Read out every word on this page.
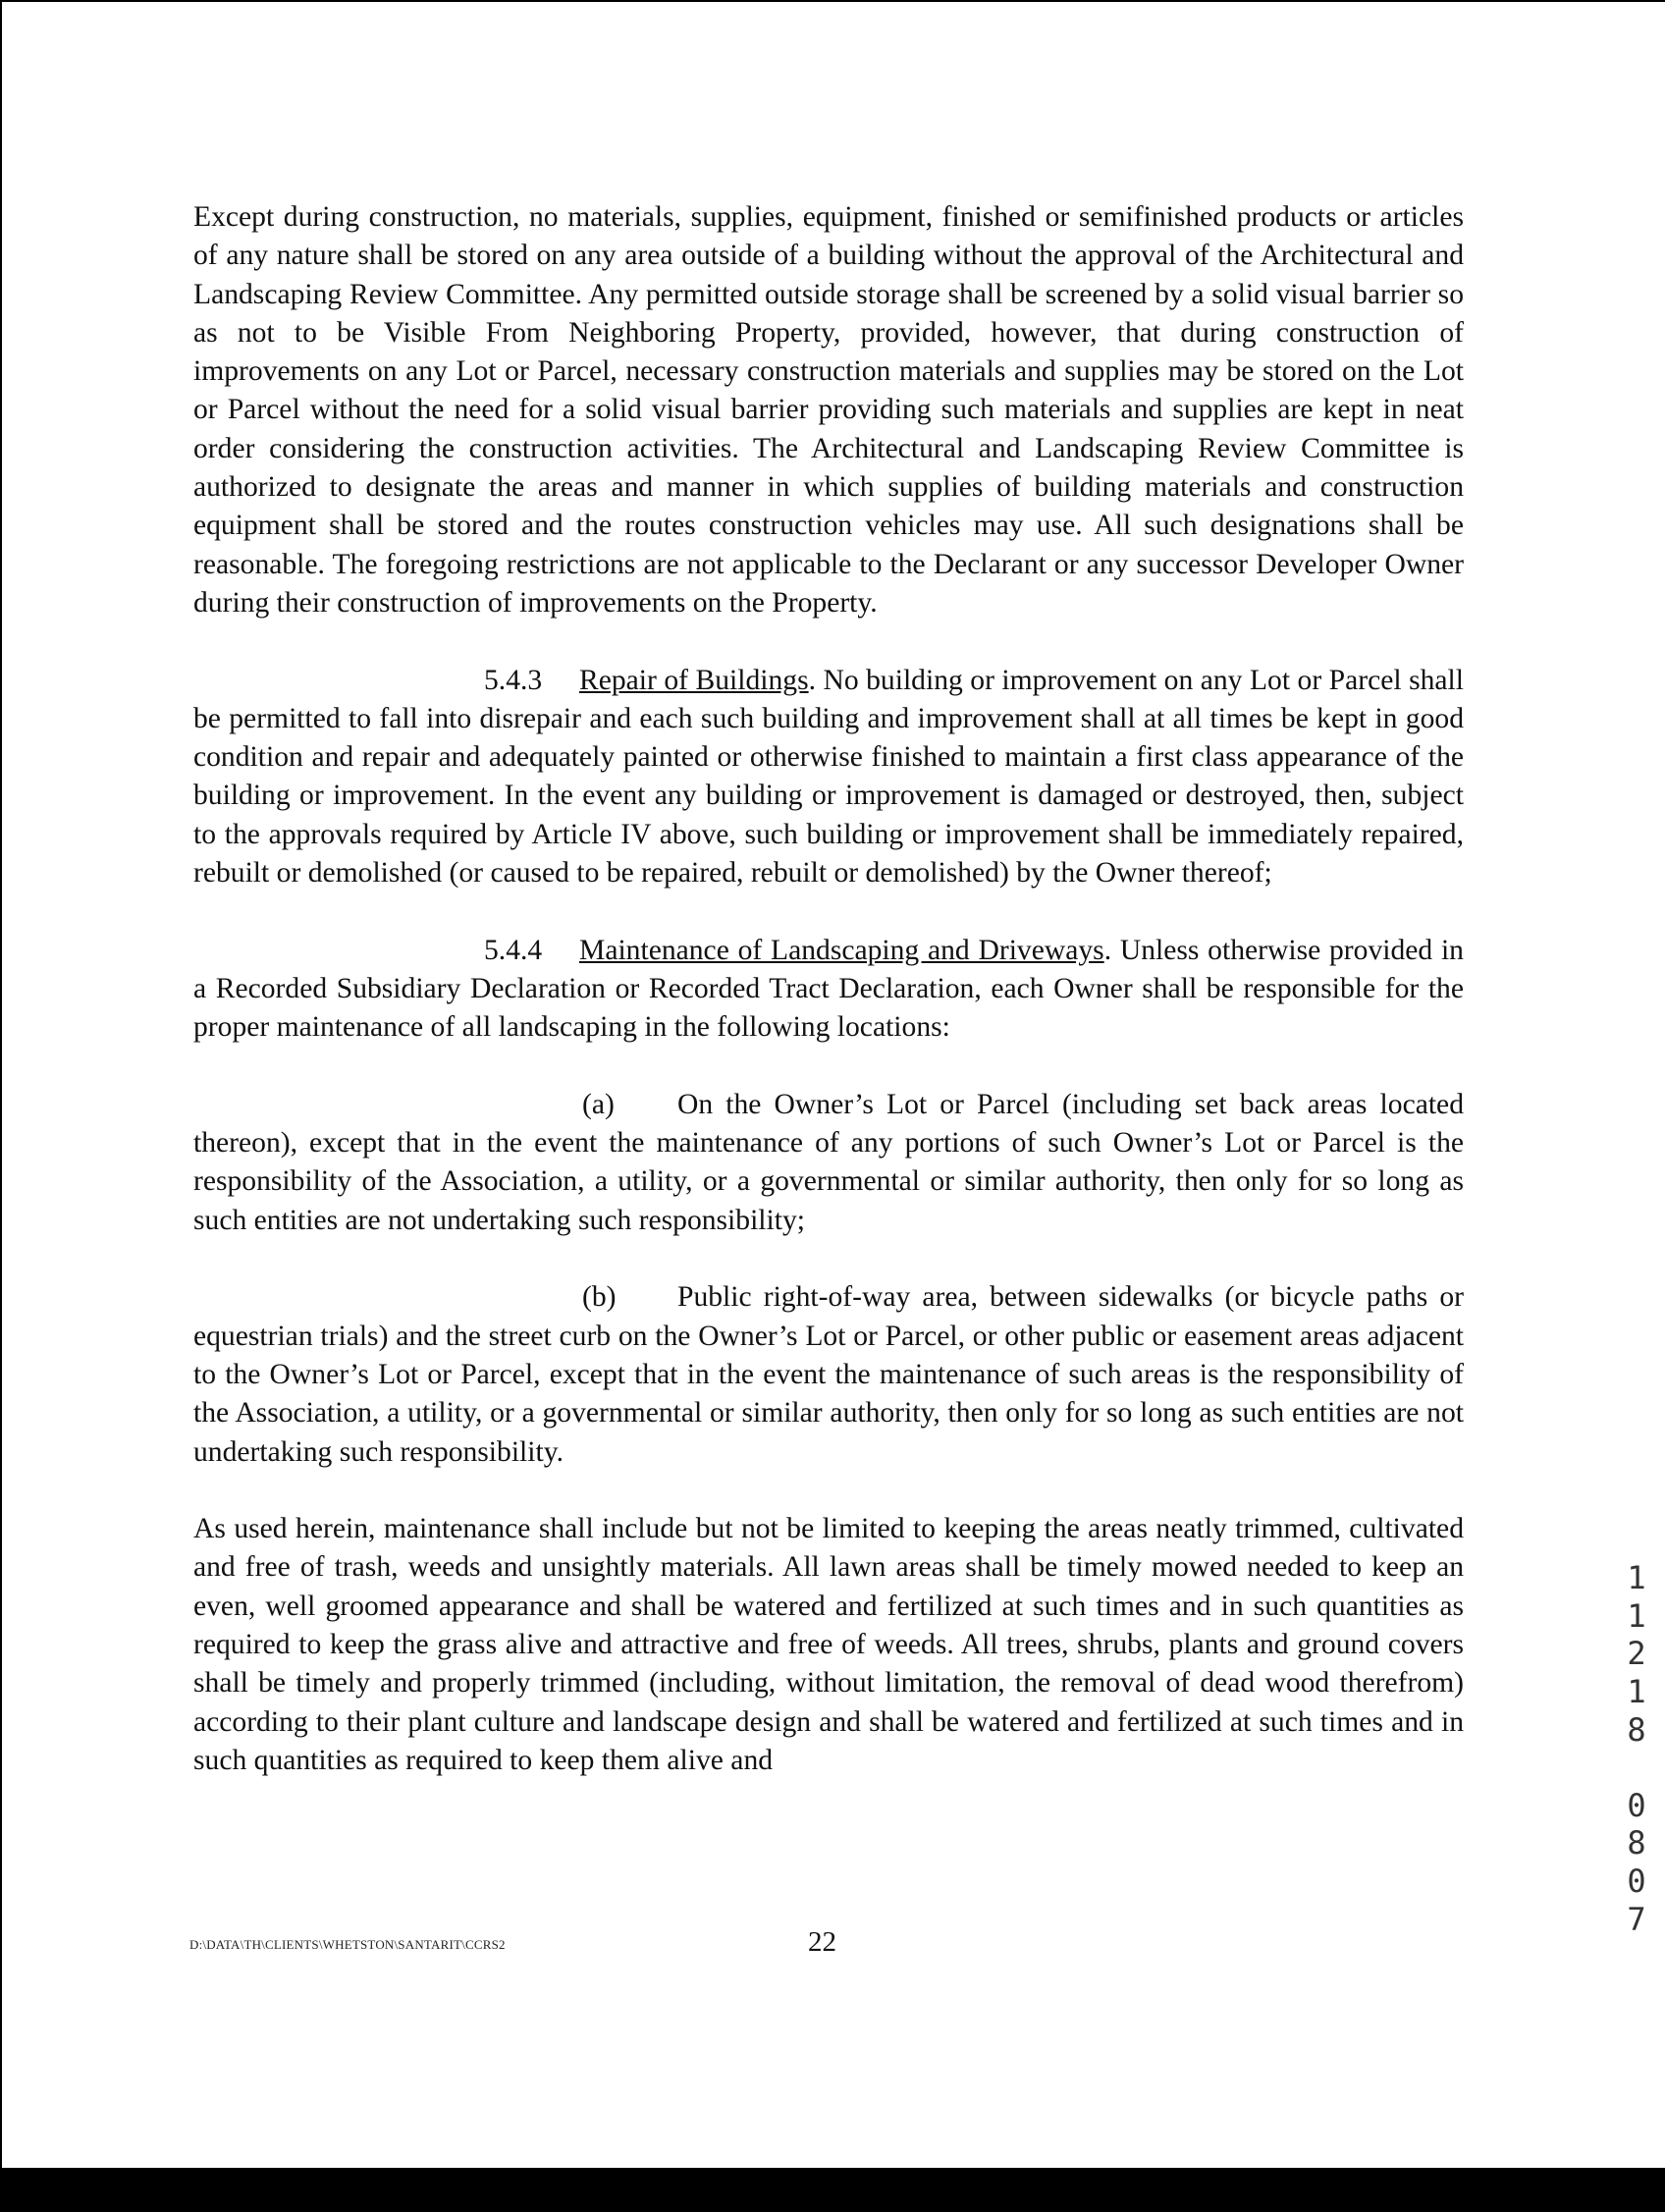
Except during construction, no materials, supplies, equipment, finished or semifinished products or articles of any nature shall be stored on any area outside of a building without the approval of the Architectural and Landscaping Review Committee. Any permitted outside storage shall be screened by a solid visual barrier so as not to be Visible From Neighboring Property, provided, however, that during construction of improvements on any Lot or Parcel, necessary construction materials and supplies may be stored on the Lot or Parcel without the need for a solid visual barrier providing such materials and supplies are kept in neat order considering the construction activities. The Architectural and Landscaping Review Committee is authorized to designate the areas and manner in which supplies of building materials and construction equipment shall be stored and the routes construction vehicles may use. All such designations shall be reasonable. The foregoing restrictions are not applicable to the Declarant or any successor Developer Owner during their construction of improvements on the Property.

5.4.3 Repair of Buildings. No building or improvement on any Lot or Parcel shall be permitted to fall into disrepair and each such building and improvement shall at all times be kept in good condition and repair and adequately painted or otherwise finished to maintain a first class appearance of the building or improvement. In the event any building or improvement is damaged or destroyed, then, subject to the approvals required by Article IV above, such building or improvement shall be immediately repaired, rebuilt or demolished (or caused to be repaired, rebuilt or demolished) by the Owner thereof;

5.4.4 Maintenance of Landscaping and Driveways. Unless otherwise provided in a Recorded Subsidiary Declaration or Recorded Tract Declaration, each Owner shall be responsible for the proper maintenance of all landscaping in the following locations:

(a) On the Owner’s Lot or Parcel (including set back areas located thereon), except that in the event the maintenance of any portions of such Owner’s Lot or Parcel is the responsibility of the Association, a utility, or a governmental or similar authority, then only for so long as such entities are not undertaking such responsibility;

(b) Public right-of-way area, between sidewalks (or bicycle paths or equestrian trials) and the street curb on the Owner’s Lot or Parcel, or other public or easement areas adjacent to the Owner’s Lot or Parcel, except that in the event the maintenance of such areas is the responsibility of the Association, a utility, or a governmental or similar authority, then only for so long as such entities are not undertaking such responsibility.

As used herein, maintenance shall include but not be limited to keeping the areas neatly trimmed, cultivated and free of trash, weeds and unsightly materials. All lawn areas shall be timely mowed needed to keep an even, well groomed appearance and shall be watered and fertilized at such times and in such quantities as required to keep the grass alive and attractive and free of weeds. All trees, shrubs, plants and ground covers shall be timely and properly trimmed (including, without limitation, the removal of dead wood therefrom) according to their plant culture and landscape design and shall be watered and fertilized at such times and in such quantities as required to keep them alive and

1
1
2
1
8
0
8
0
7
D:\DATA\TH\CLIENTS\WHETSTON\SANTARIT\CCRS2	22
